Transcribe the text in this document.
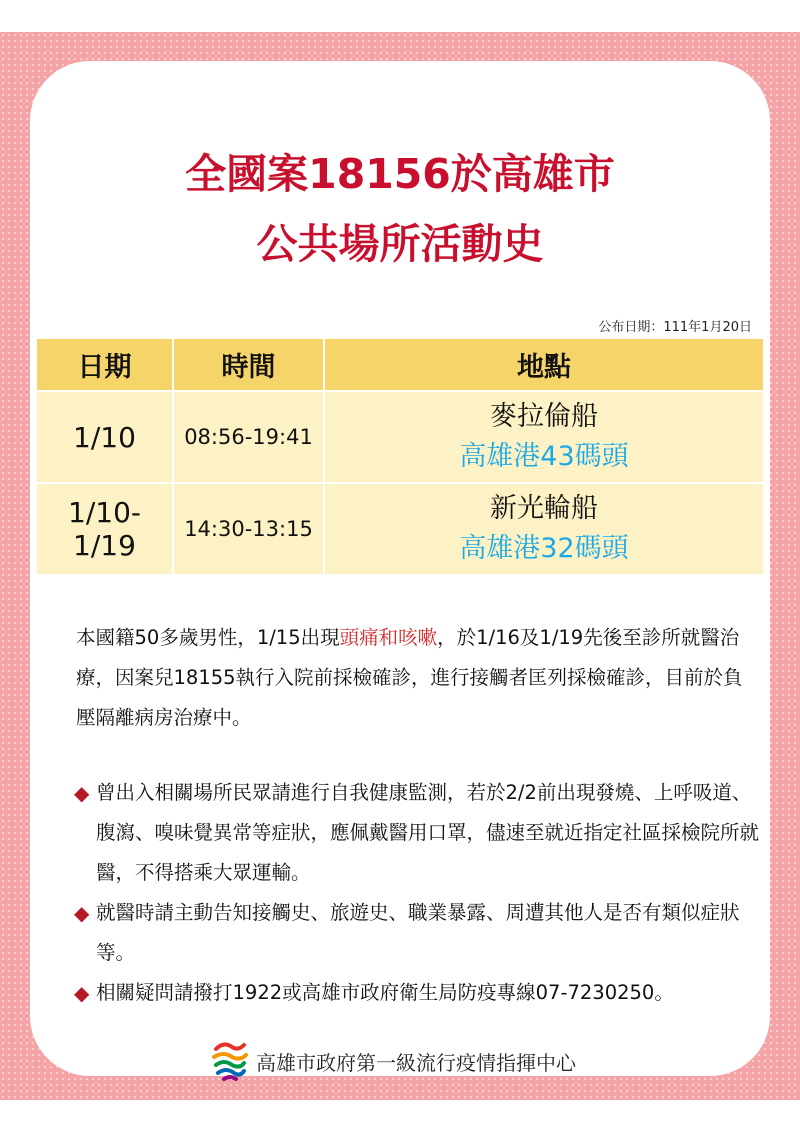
全國案18156於高雄市
公共場所活動史

公布日期：111年1月20日

日期	時間	地點
1/10	08:56-19:41	麥拉倫船
高雄港43碼頭

1/10-1/19	14:30-13:15	新光輪船
高雄港32碼頭

本國籍50多歲男性，1/15出現頭痛和咳嗽，於1/16及1/19先後至診所就醫治療，因案兒18155執行入院前採檢確診，進行接觸者匡列採檢確診，目前於負壓隔離病房治療中。

◆ 曾出入相關場所民眾請進行自我健康監測，若於2/2前出現發燒、上呼吸道、腹瀉、嗅味覺異常等症狀，應佩戴醫用口罩，儘速至就近指定社區採檢院所就醫，不得搭乘大眾運輸。
◆ 就醫時請主動告知接觸史、旅遊史、職業暴露、周遭其他人是否有類似症狀等。
◆ 相關疑問請撥打1922或高雄市政府衛生局防疫專線07-7230250。
高雄市政府第一級流行疫情指揮中心
